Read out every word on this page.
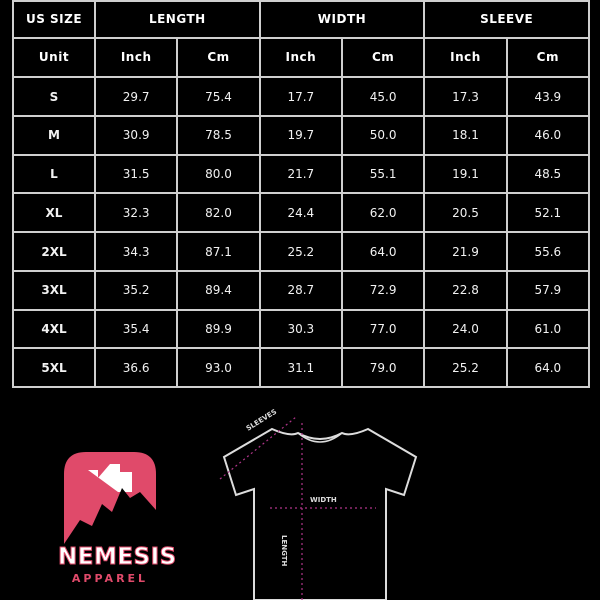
US SIZE	LENGTH		WIDTH		SLEEVE	
Unit	Inch	Cm	Inch	Cm	Inch	Cm
S	29.7	75.4	17.7	45.0	17.3	43.9
M	30.9	78.5	19.7	50.0	18.1	46.0
L	31.5	80.0	21.7	55.1	19.1	48.5
XL	32.3	82.0	24.4	62.0	20.5	52.1
2XL	34.3	87.1	25.2	64.0	21.9	55.6
3XL	35.2	89.4	28.7	72.9	22.8	57.9
4XL	35.4	89.9	30.3	77.0	24.0	61.0
5XL	36.6	93.0	31.1	79.0	25.2	64.0
NEMESIS
APPAREL
SLEEVES
WIDTH
LENGTH
